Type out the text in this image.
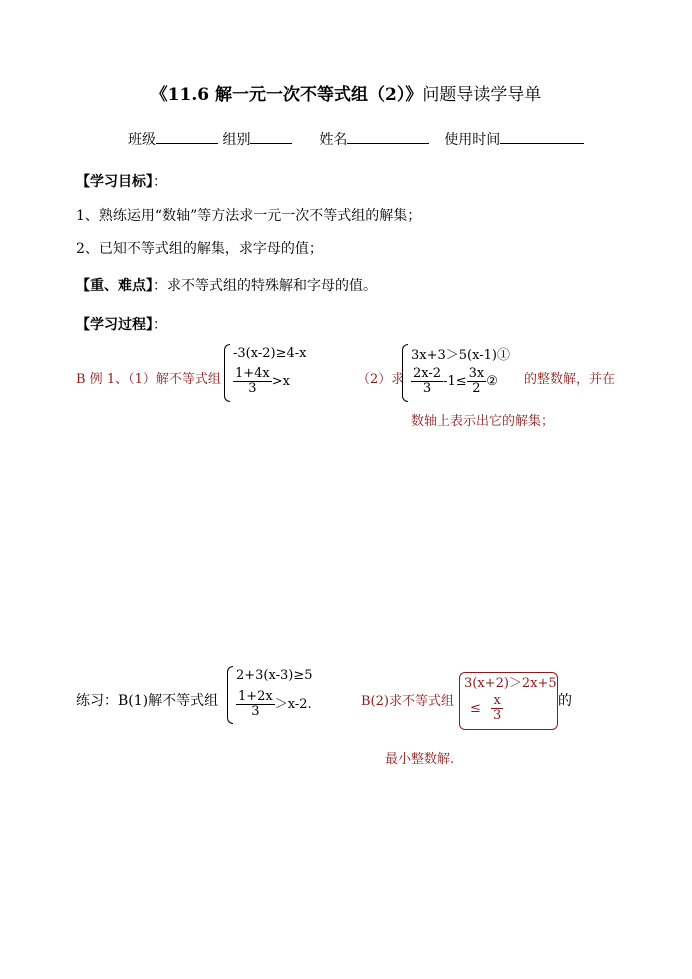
《11.6 解一元一次不等式组（2）》问题导读学导单
班级	组别	姓名	使用时间
【学习目标】：
1、熟练运用“数轴”等方法求一元一次不等式组的解集；
2、已知不等式组的解集，求字母的值；
【重、难点】：求不等式组的特殊解和字母的值。
【学习过程】：
B 例 1、（1）解不等式组
-3(x-2)≥4-x
$\frac{1+4x}{3} >x$	（2）求
3x+3＞5(x-1)①
$\frac{2x-2}{3} -1\le \frac{3x}{2}$ ② 的整数解，并在
数轴上表示出它的解集；
练习：B(1)解不等式组
2+3(x-3)≥5
$\frac{1+2x}{3} >x-2$.	B(2)求不等式组
3(x+2)＞2x+5
≤ $\frac{x}{3}$	的
最小整数解.
